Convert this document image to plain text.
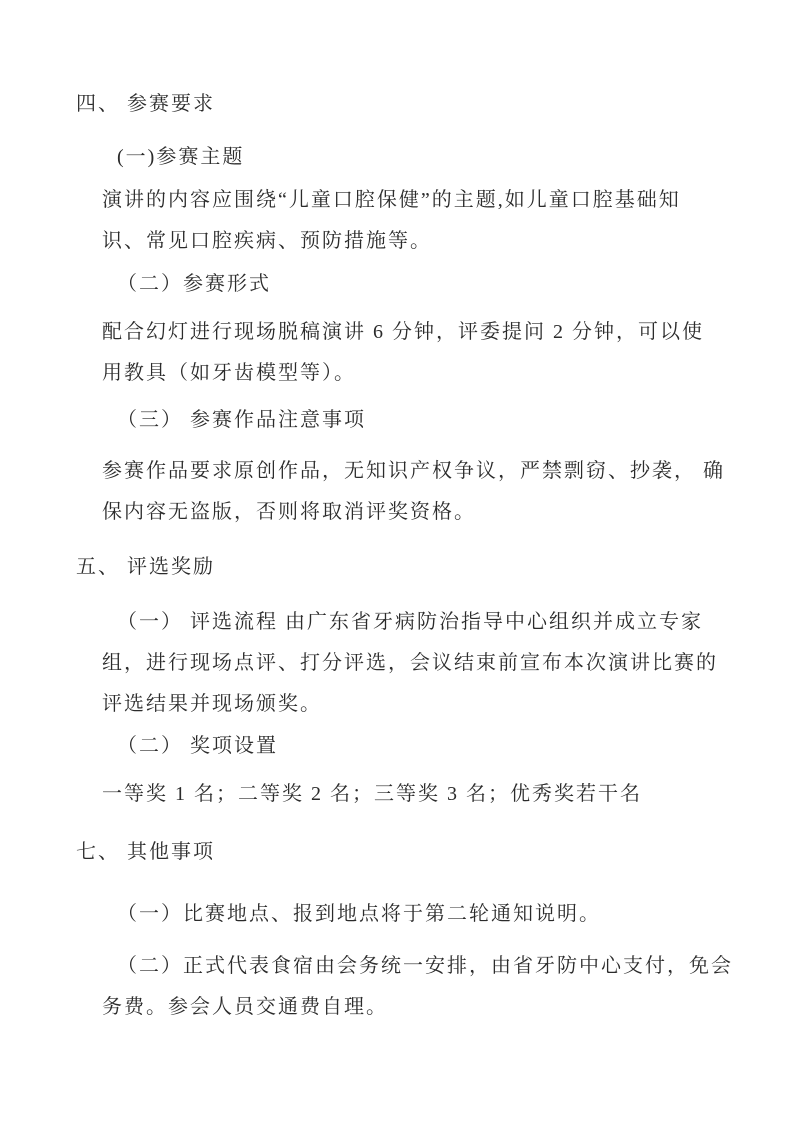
四、 参赛要求
(一)参赛主题
演讲的内容应围绕“儿童口腔保健”的主题,如儿童口腔基础知
识、常见口腔疾病、预防措施等。
（二）参赛形式
配合幻灯进行现场脱稿演讲 6 分钟，评委提问 2 分钟，可以使
用教具（如牙齿模型等）。
（三） 参赛作品注意事项
参赛作品要求原创作品，无知识产权争议，严禁剽窃、抄袭， 确
保内容无盗版，否则将取消评奖资格。
五、 评选奖励
（一） 评选流程 由广东省牙病防治指导中心组织并成立专家
组，进行现场点评、打分评选，会议结束前宣布本次演讲比赛的
评选结果并现场颁奖。
（二） 奖项设置
一等奖 1 名；二等奖 2 名；三等奖 3 名；优秀奖若干名
七、 其他事项
（一）比赛地点、报到地点将于第二轮通知说明。
（二）正式代表食宿由会务统一安排，由省牙防中心支付，免会
务费。参会人员交通费自理。
